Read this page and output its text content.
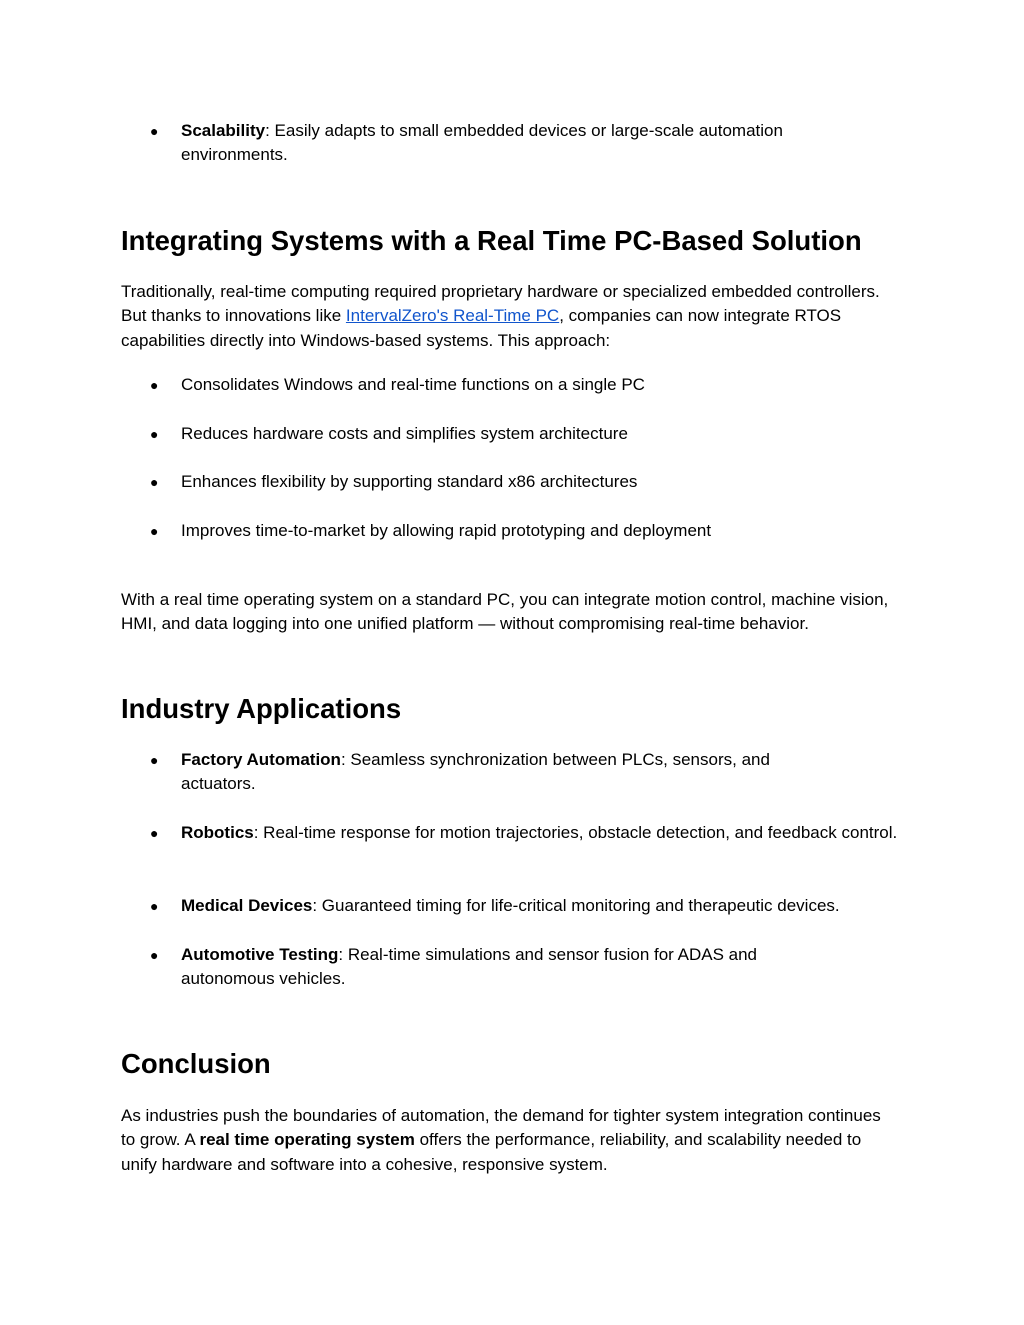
● Scalability: Easily adapts to small embedded devices or large-scale automation environments.
Integrating Systems with a Real Time PC-Based Solution

Traditionally, real-time computing required proprietary hardware or specialized embedded controllers. But thanks to innovations like IntervalZero's Real-Time PC, companies can now integrate RTOS capabilities directly into Windows-based systems. This approach:

● Consolidates Windows and real-time functions on a single PC
● Reduces hardware costs and simplifies system architecture
● Enhances flexibility by supporting standard x86 architectures
● Improves time-to-market by allowing rapid prototyping and deployment

With a real time operating system on a standard PC, you can integrate motion control, machine vision, HMI, and data logging into one unified platform — without compromising real-time behavior.

Industry Applications
● Factory Automation: Seamless synchronization between PLCs, sensors, and actuators.
● Robotics: Real-time response for motion trajectories, obstacle detection, and feedback control.
● Medical Devices: Guaranteed timing for life-critical monitoring and therapeutic devices.
● Automotive Testing: Real-time simulations and sensor fusion for ADAS and autonomous vehicles.
Conclusion

As industries push the boundaries of automation, the demand for tighter system integration continues to grow. A real time operating system offers the performance, reliability, and scalability needed to unify hardware and software into a cohesive, responsive system.
